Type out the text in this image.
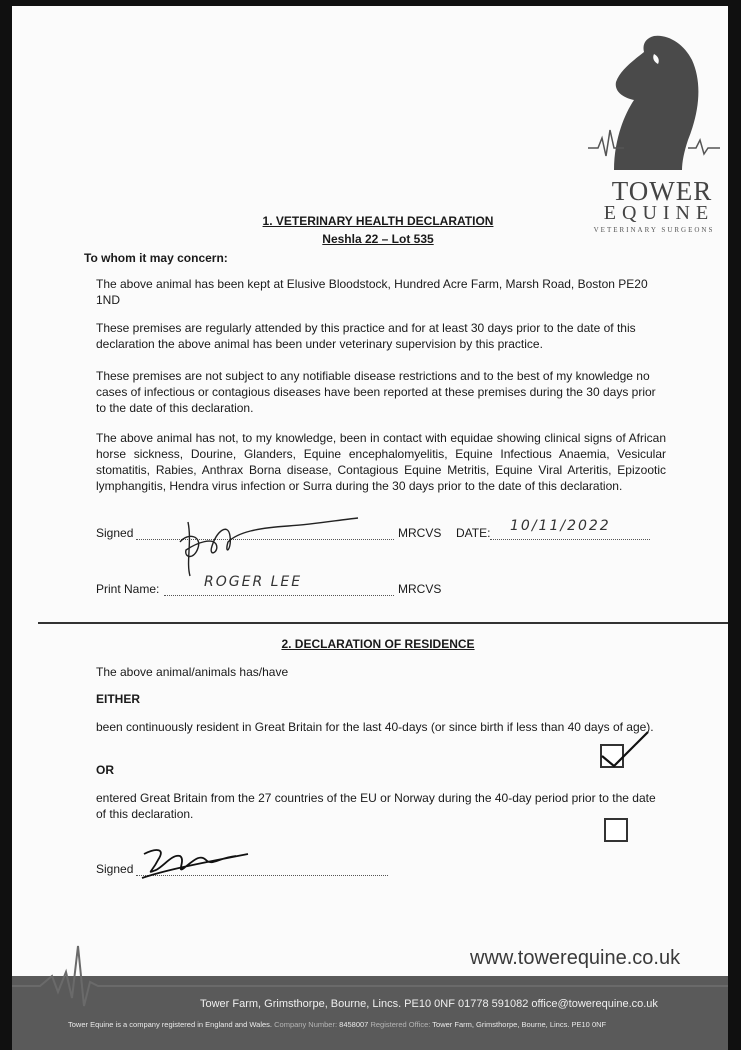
TOWER
EQUINE
VETERINARY SURGEONS
1. VETERINARY HEALTH DECLARATION
Neshla 22 – Lot 535
To whom it may concern:
The above animal has been kept at Elusive Bloodstock, Hundred Acre Farm, Marsh Road, Boston PE20 1ND
These premises are regularly attended by this practice and for at least 30 days prior to the date of this declaration the above animal has been under veterinary supervision by this practice.
These premises are not subject to any notifiable disease restrictions and to the best of my knowledge no cases of infectious or contagious diseases have been reported at these premises during the 30 days prior to the date of this declaration.
The above animal has not, to my knowledge, been in contact with equidae showing clinical signs of African horse sickness, Dourine, Glanders, Equine encephalomyelitis, Equine Infectious Anaemia, Vesicular stomatitis, Rabies, Anthrax Borna disease, Contagious Equine Metritis, Equine Viral Arteritis, Epizootic lymphangitis, Hendra virus infection or Surra during the 30 days prior to the date of this declaration.
Signed	MRCVS DATE: 10/11/2022
Print Name:	ROGER LEE	MRCVS
2. DECLARATION OF RESIDENCE
The above animal/animals has/have
EITHER
been continuously resident in Great Britain for the last 40-days (or since birth if less than 40 days of age).
OR
entered Great Britain from the 27 countries of the EU or Norway during the 40-day period prior to the date of this declaration.
Signed
www.towerequine.co.uk
Tower Farm, Grimsthorpe, Bourne, Lincs. PE10 0NF 01778 591082 office@towerequine.co.uk
Tower Equine is a company registered in England and Wales. Company Number: 8458007 Registered Office: Tower Farm, Grimsthorpe, Bourne, Lincs. PE10 0NF
